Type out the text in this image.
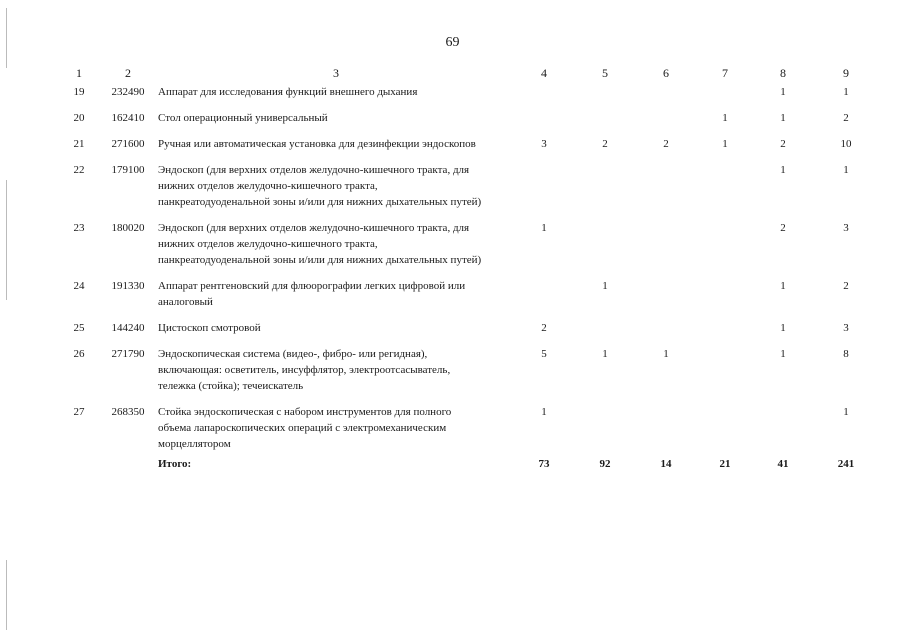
69
1	2	3	4	5	6	7	8	9
19	232490	Аппарат для исследования функций внешнего дыхания					1	1
20	162410	Стол операционный универсальный				1	1	2
21	271600	Ручная или автоматическая установка для дезинфекции эндоскопов	3	2	2	1	2	10
22	179100	Эндоскоп (для верхних отделов желудочно-кишечного тракта, для
нижних отделов желудочно-кишечного тракта,
панкреатодуоденальной зоны и/или для нижних дыхательных путей)					1	1
23	180020	Эндоскоп (для верхних отделов желудочно-кишечного тракта, для
нижних отделов желудочно-кишечного тракта,
панкреатодуоденальной зоны и/или для нижних дыхательных путей)	1				2	3
24	191330	Аппарат рентгеновский для флюорографии легких цифровой или
аналоговый		1			1	2
25	144240	Цистоскоп смотровой	2				1	3
26	271790	Эндоскопическая система (видео-, фибро- или регидная),
включающая: осветитель, инсуффлятор, электроотсасыватель,
тележка (стойка); течеискатель	5	1	1		1	8
27	268350	Стойка эндоскопическая с набором инструментов для полного
объема лапароскопических операций с электромеханическим
морцеллятором	1					1
		Итого:	73	92	14	21	41	241
